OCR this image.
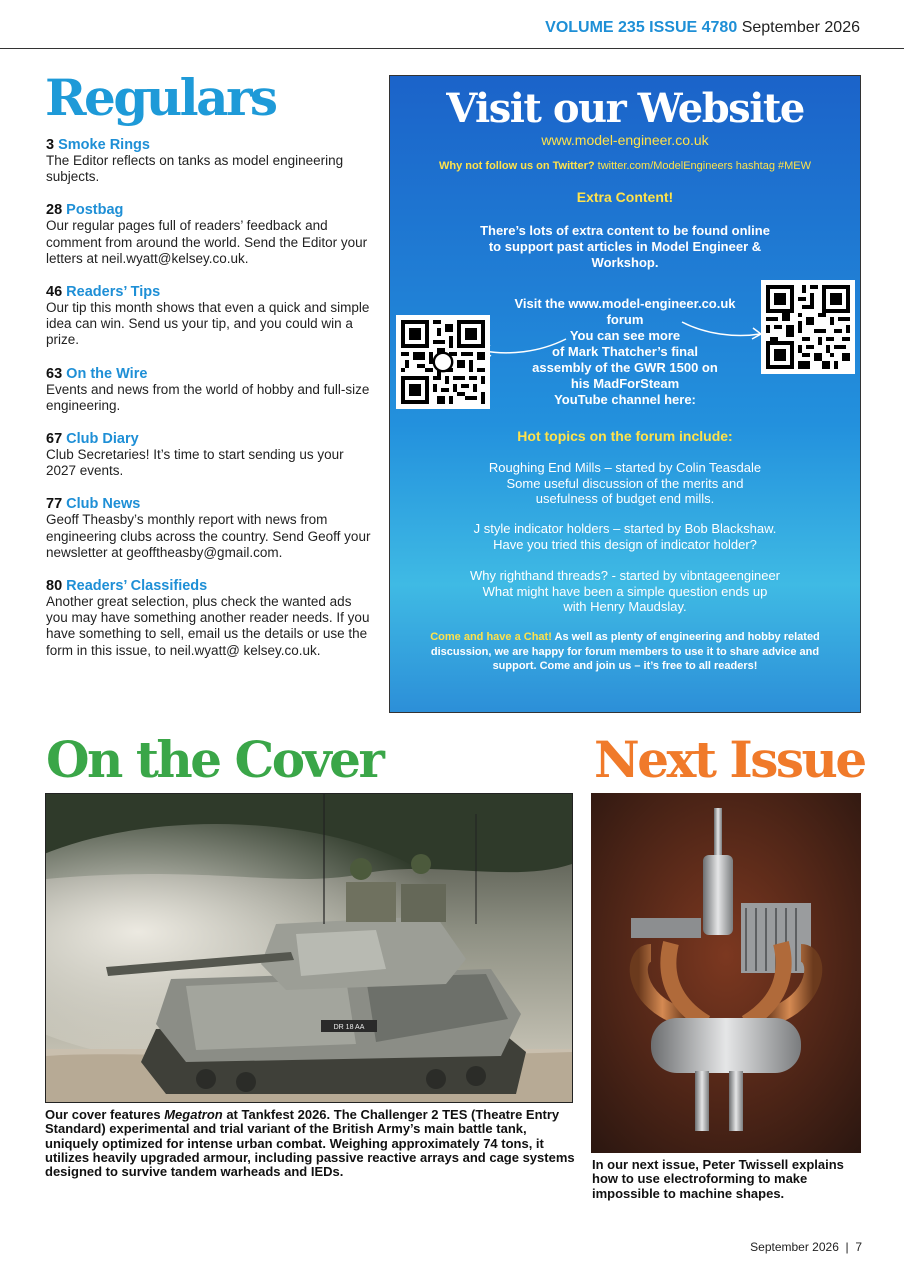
VOLUME 235 ISSUE 4780 September 2026
Regulars
3 Smoke Rings
The Editor reflects on tanks as model engineering subjects.
28 Postbag
Our regular pages full of readers’ feedback and comment from around the world. Send the Editor your letters at neil.wyatt@kelsey.co.uk.
46 Readers’ Tips
Our tip this month shows that even a quick and simple idea can win. Send us your tip, and you could win a prize.
63 On the Wire
Events and news from the world of hobby and full-size engineering.
67 Club Diary
Club Secretaries! It’s time to start sending us your 2027 events.
77 Club News
Geoff Theasby’s monthly report with news from engineering clubs across the country. Send Geoff your newsletter at geofftheasby@gmail.com.
80 Readers’ Classifieds
Another great selection, plus check the wanted ads you may have something another reader needs. If you have something to sell, email us the details or use the form in this issue, to neil.wyatt@ kelsey.co.uk.
Visit our Website
www.model-engineer.co.uk
Why not follow us on Twitter? twitter.com/ModelEngineers hashtag #MEW
Extra Content!
There’s lots of extra content to be found online to support past articles in Model Engineer & Workshop.
Visit the www.model-engineer.co.uk
forum
You can see more
of Mark Thatcher’s final
assembly of the GWR 1500 on
his MadForSteam
YouTube channel here:
Hot topics on the forum include:
Roughing End Mills – started by Colin Teasdale
Some useful discussion of the merits and usefulness of budget end mills.
J style indicator holders – started by Bob Blackshaw.
Have you tried this design of indicator holder?
Why righthand threads? - started by vibntageengineer
What might have been a simple question ends up with Henry Maudslay.
Come and have a Chat! As well as plenty of engineering and hobby related discussion, we are happy for forum members to use it to share advice and support. Come and join us – it’s free to all readers!
On the Cover	Next Issue
DR 18 AA
Our cover features Megatron at Tankfest 2026. The Challenger 2 TES (Theatre Entry Standard) experimental and trial variant of the British Army’s main battle tank, uniquely optimized for intense urban combat. Weighing approximately 74 tons, it utilizes heavily upgraded armour, including passive reactive arrays and cage systems designed to survive tandem warheads and IEDs.	In our next issue, Peter Twissell explains how to use electroforming to make impossible to machine shapes.
September 2026  |  7
